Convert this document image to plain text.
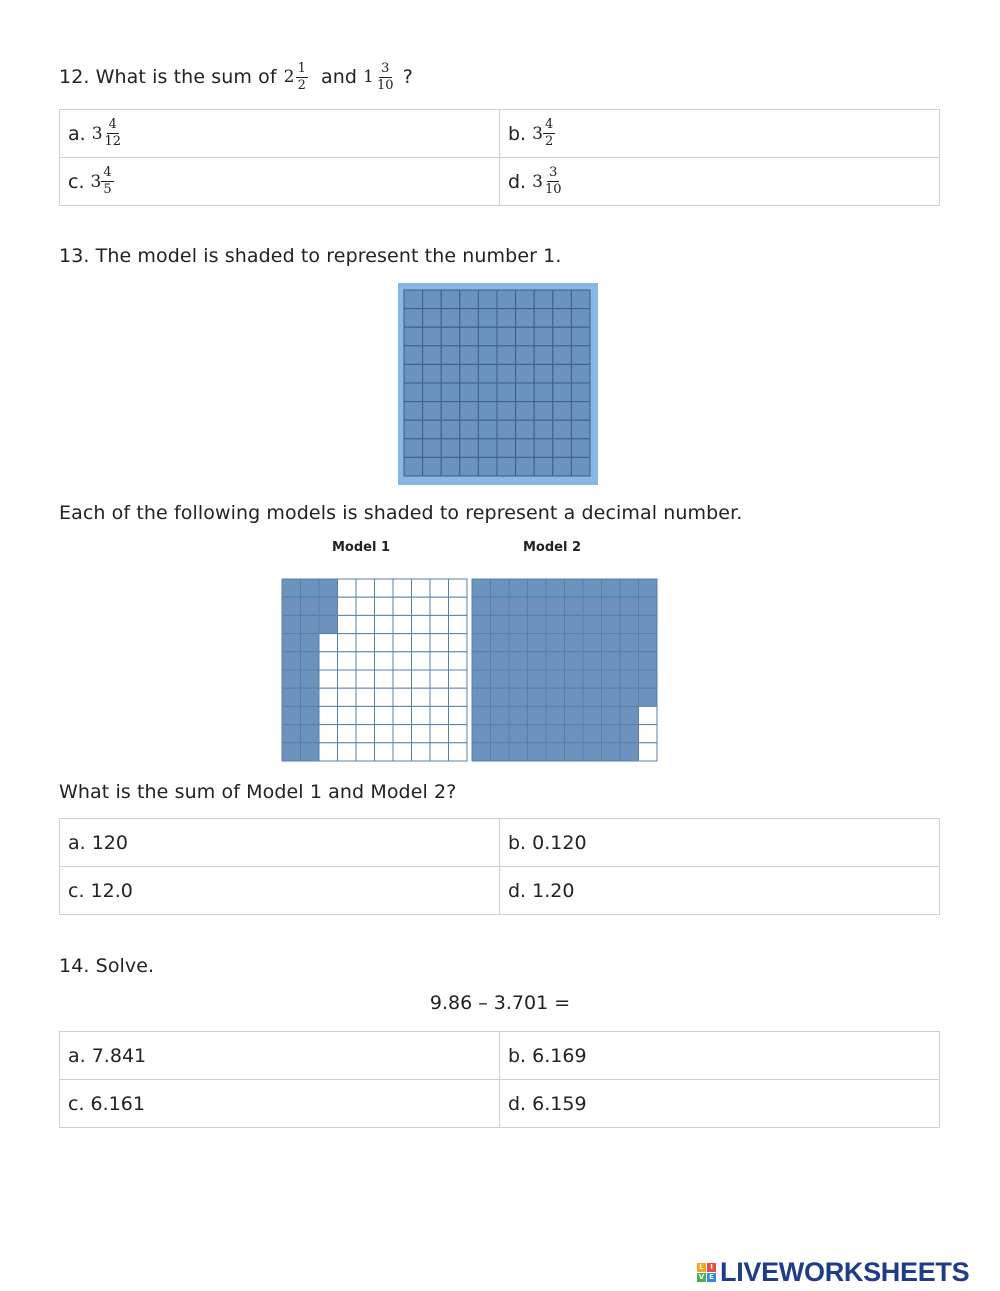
12. What is the sum of $2 \frac{1}{2}$ and $1 \frac{3}{10}$ ?
a. $3 \frac{4}{12}$	b. $3 \frac{4}{2}$

c. $3 \frac{4}{5}$	d. $3 \frac{3}{10}$
13. The model is shaded to represent the number 1.
Each of the following models is shaded to represent a decimal number.
Model 1	Model 2
What is the sum of Model 1 and Model 2?
a. 120	b. 0.120
c. 12.0	d. 1.20
14. Solve.
9.86 – 3.701 =
a. 7.841	b. 6.169
c. 6.161	d. 6.159
L I
V E LIVEWORKSHEETS
